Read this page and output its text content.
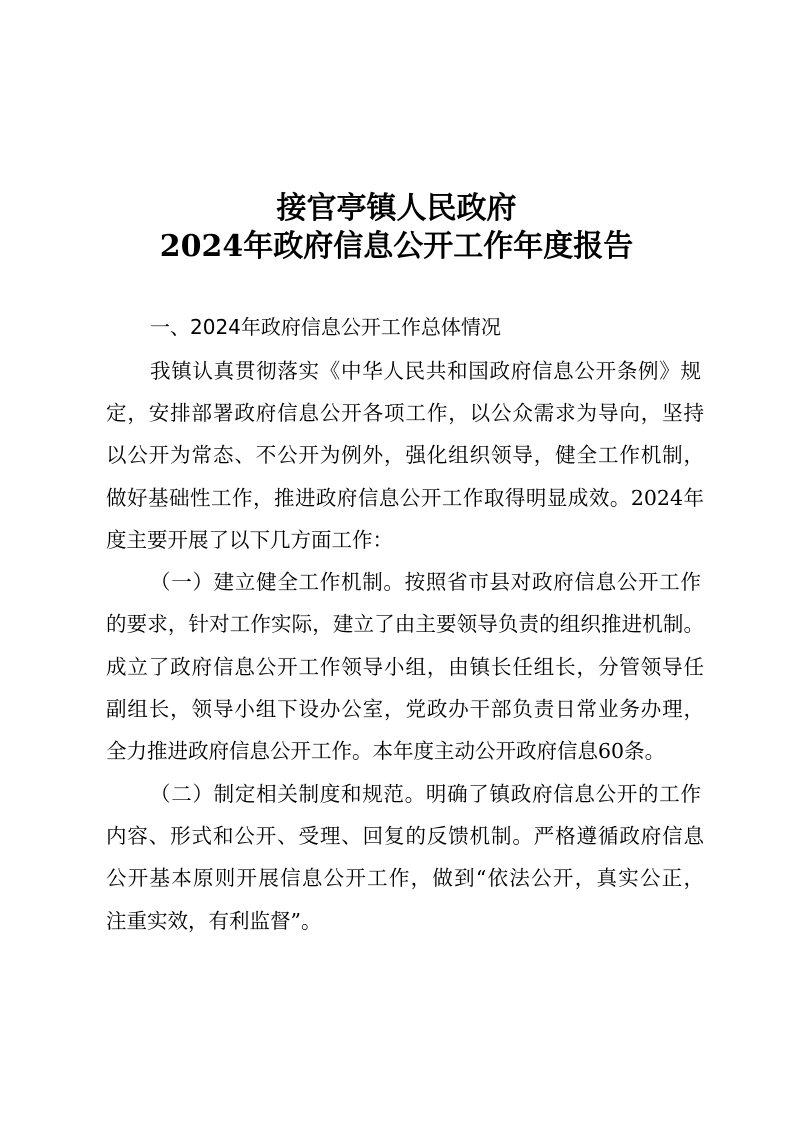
接官亭镇人民政府
2024年政府信息公开工作年度报告
一、2024年政府信息公开工作总体情况
我镇认真贯彻落实《中华人民共和国政府信息公开条例》规
定，安排部署政府信息公开各项工作，以公众需求为导向，坚持
以公开为常态、不公开为例外，强化组织领导，健全工作机制，
做好基础性工作，推进政府信息公开工作取得明显成效。2024年
度主要开展了以下几方面工作：
（一）建立健全工作机制。按照省市县对政府信息公开工作
的要求，针对工作实际，建立了由主要领导负责的组织推进机制。
成立了政府信息公开工作领导小组，由镇长任组长，分管领导任
副组长，领导小组下设办公室，党政办干部负责日常业务办理，
全力推进政府信息公开工作。本年度主动公开政府信息60条。
（二）制定相关制度和规范。明确了镇政府信息公开的工作
内容、形式和公开、受理、回复的反馈机制。严格遵循政府信息
公开基本原则开展信息公开工作，做到“依法公开，真实公正，
注重实效，有利监督”。
